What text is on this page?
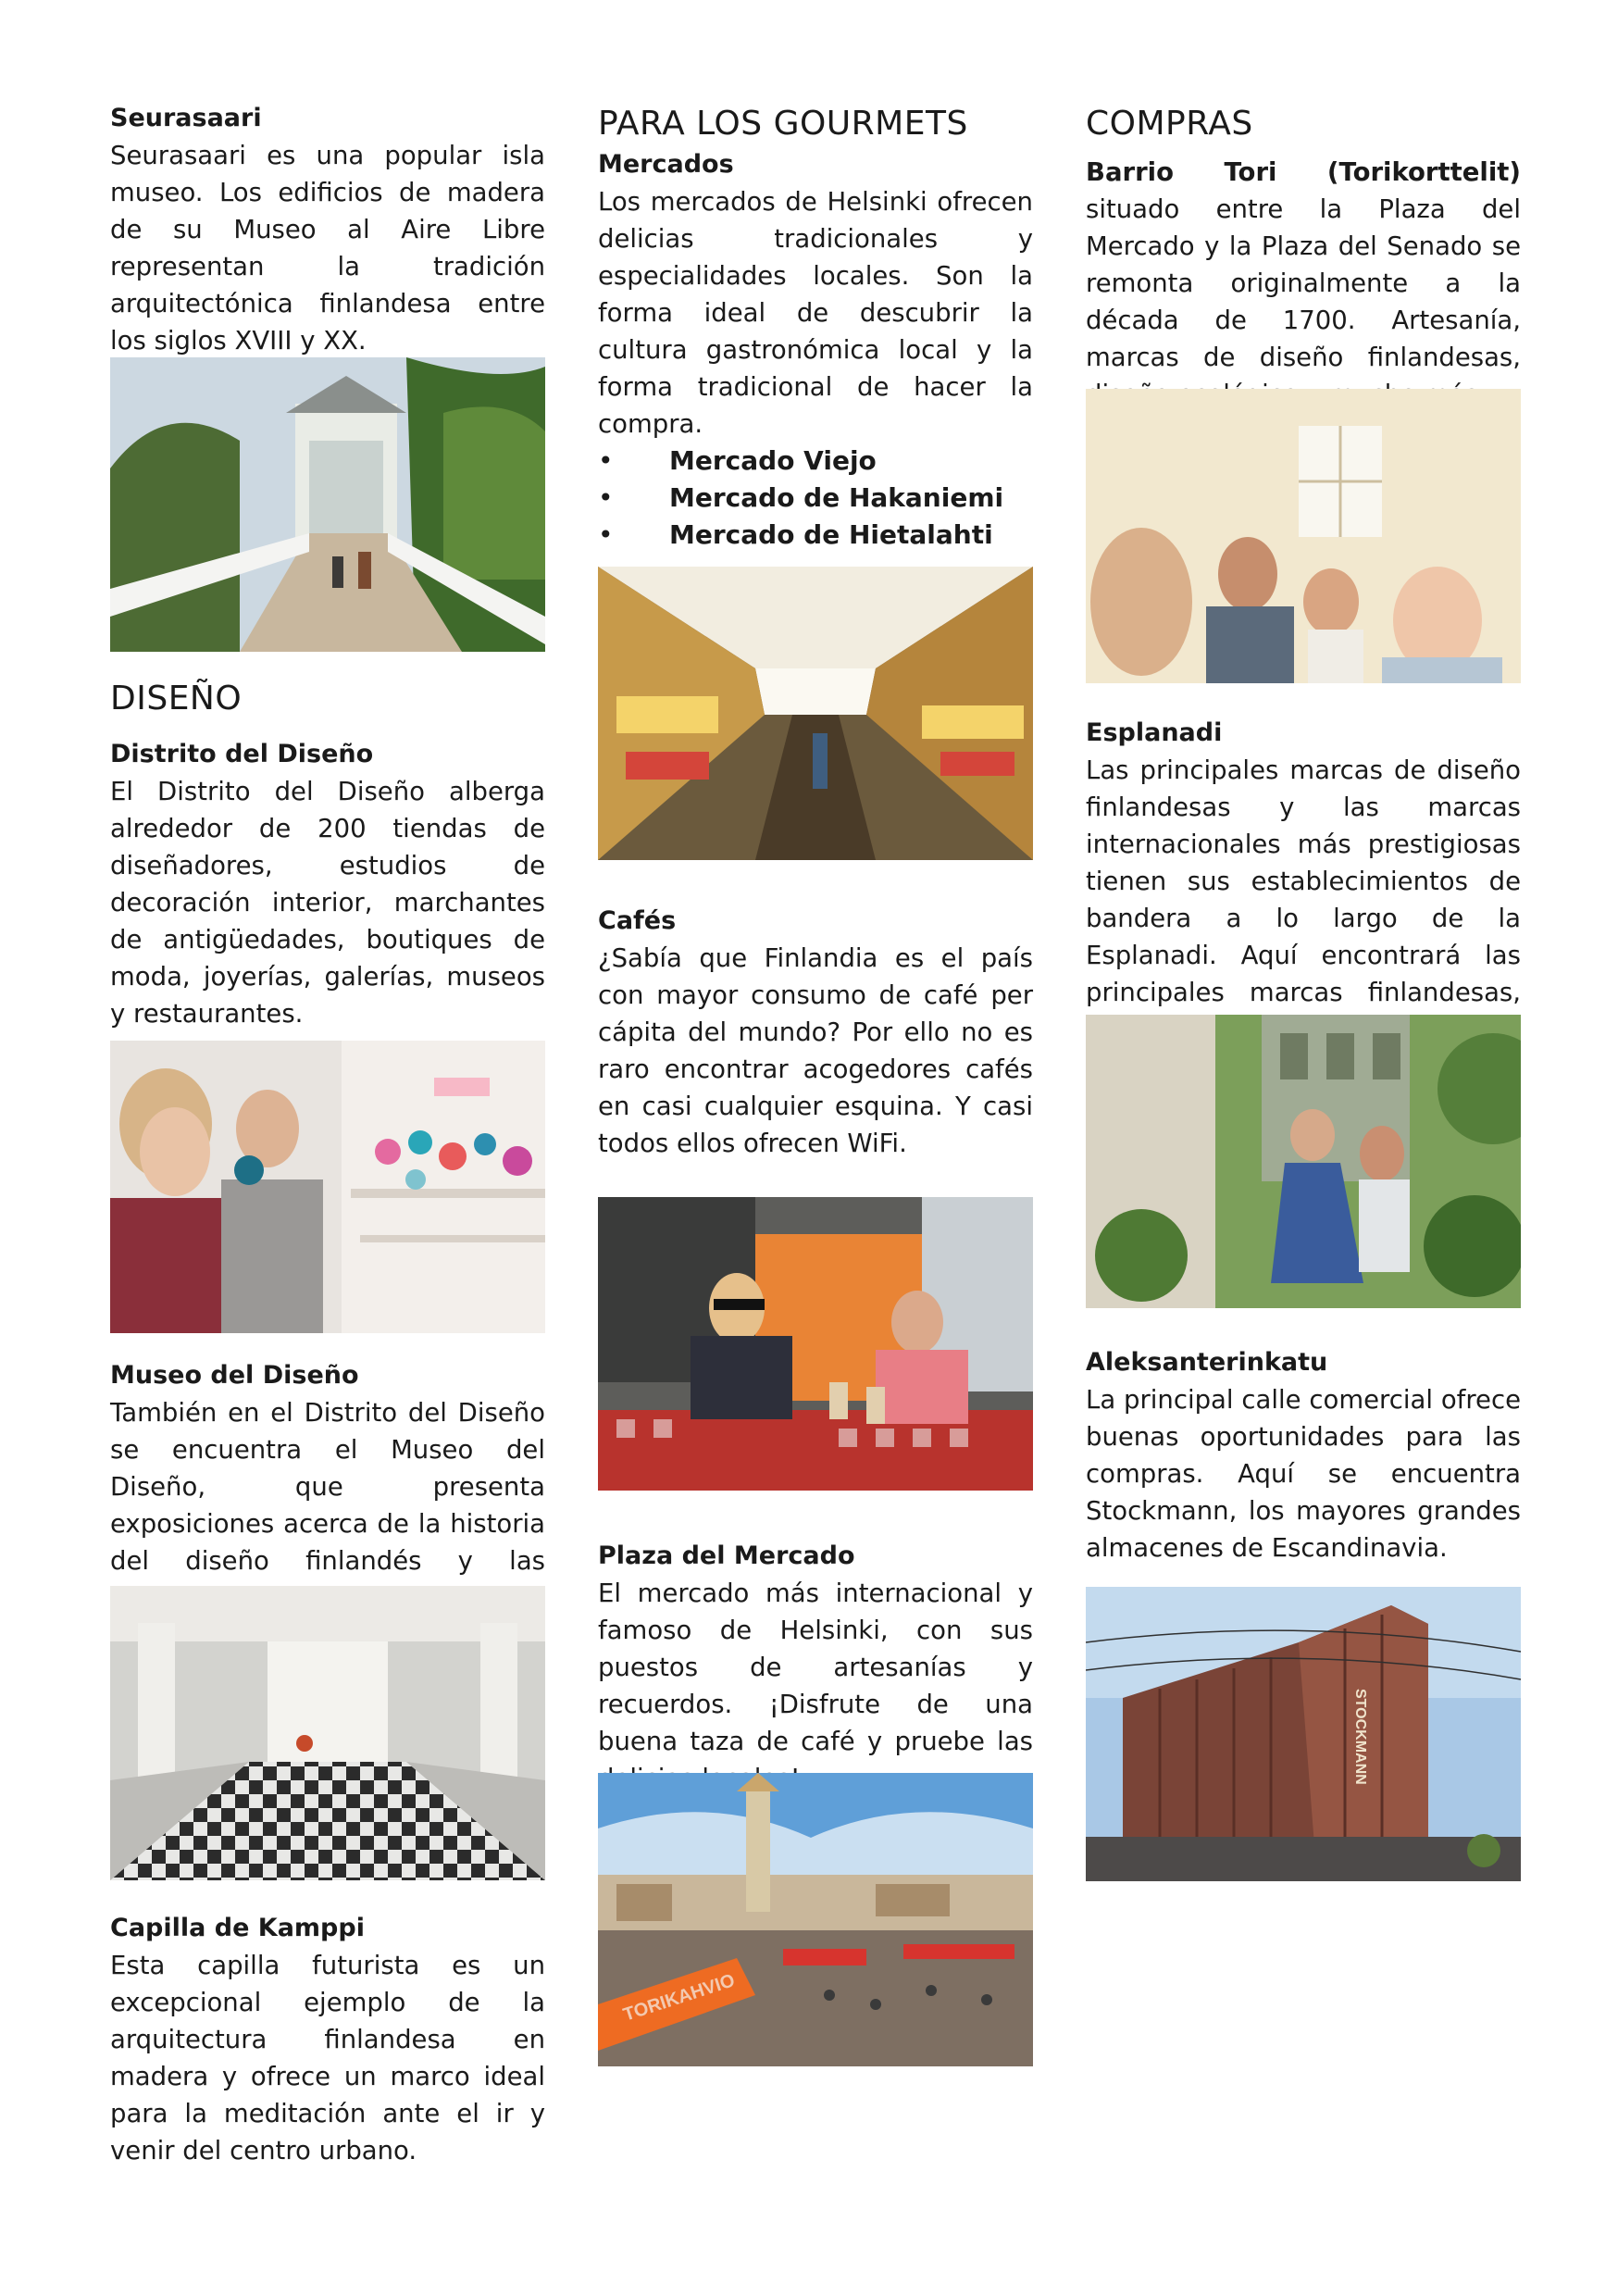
Seurasaari

Seurasaari es una popular isla museo. Los edificios de madera de su Museo al Aire Libre representan la tradición arquitectónica finlandesa entre los siglos XVIII y XX.

DISEÑO
Distrito del Diseño

El Distrito del Diseño alberga alrededor de 200 tiendas de diseñadores, estudios de decoración interior, marchantes de antigüedades, boutiques de moda, joyerías, galerías, museos y restaurantes.

Museo del Diseño

También en el Distrito del Diseño se encuentra el Museo del Diseño, que presenta exposiciones acerca de la historia del diseño finlandés y las

Capilla de Kamppi

Esta capilla futurista es un excepcional ejemplo de la arquitectura finlandesa en madera y ofrece un marco ideal para la meditación ante el ir y venir del centro urbano.

PARA LOS GOURMETS
Mercados

Los mercados de Helsinki ofrecen delicias tradicionales y especialidades locales. Son la forma ideal de descubrir la cultura gastronómica local y la forma tradicional de hacer la compra.

• Mercado Viejo
• Mercado de Hakaniemi
• Mercado de Hietalahti
Cafés

¿Sabía que Finlandia es el país con mayor consumo de café per cápita del mundo? Por ello no es raro encontrar acogedores cafés en casi cualquier esquina. Y casi todos ellos ofrecen WiFi.

Plaza del Mercado

El mercado más internacional y famoso de Helsinki, con sus puestos de artesanías y recuerdos. ¡Disfrute de una buena taza de café y pruebe las

TORIKAHVIO
COMPRAS

Barrio Tori (Torikorttelit) situado entre la Plaza del Mercado y la Plaza del Senado se remonta originalmente a la década de 1700. Artesanía, marcas de diseño finlandesas,

Esplanadi

Las principales marcas de diseño finlandesas y las marcas internacionales más prestigiosas tienen sus establecimientos de bandera a lo largo de la Esplanadi. Aquí encontrará las principales marcas finlandesas,

Aleksanterinkatu

La principal calle comercial ofrece buenas oportunidades para las compras. Aquí se encuentra Stockmann, los mayores grandes almacenes de Escandinavia.

STOCKMANN
